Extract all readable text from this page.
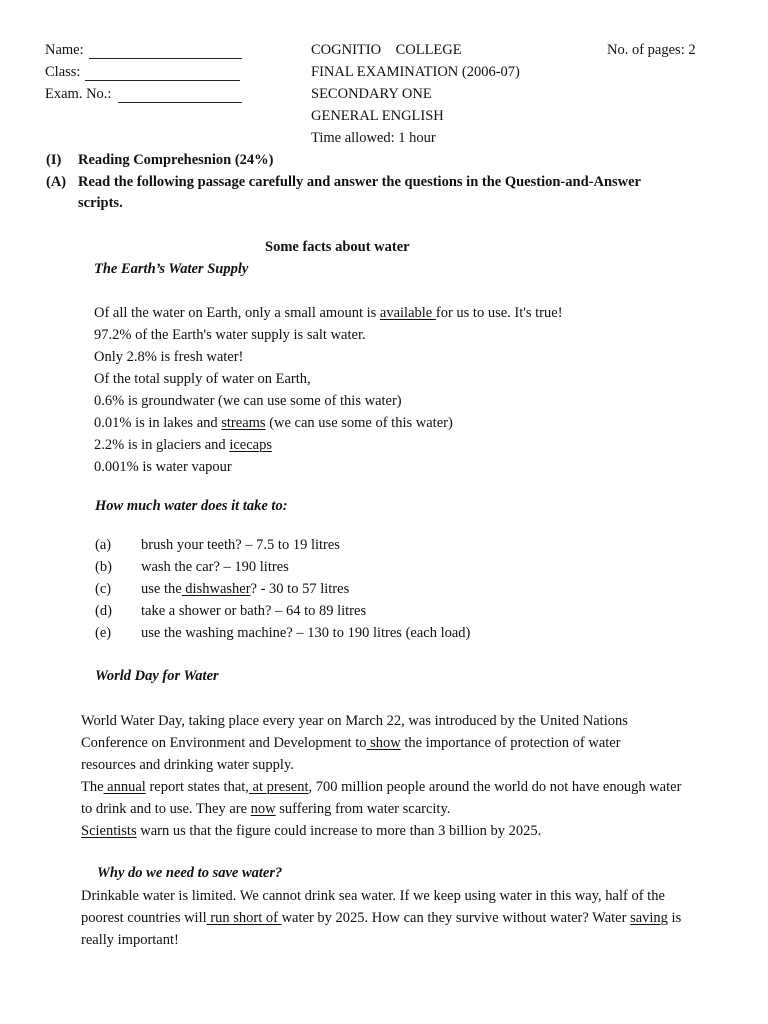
Name:
Class:
Exam. No.:
COGNITIO    COLLEGE
FINAL EXAMINATION (2006-07)
SECONDARY ONE
GENERAL ENGLISH
Time allowed: 1 hour
No. of pages: 2
(I) Reading Comprehesnion (24%)
(A) Read the following passage carefully and answer the questions in the Question-and-Answer
scripts.
Some facts about water
The Earth’s Water Supply
Of all the water on Earth, only a small amount is available for us to use. It's true!
97.2% of the Earth's water supply is salt water.
Only 2.8% is fresh water!
Of the total supply of water on Earth,
0.6% is groundwater (we can use some of this water)
0.01% is in lakes and streams (we can use some of this water)
2.2% is in glaciers and icecaps
0.001% is water vapour
How much water does it take to:
(a) brush your teeth? – 7.5 to 19 litres
(b) wash the car? – 190 litres
(c) use the dishwasher? - 30 to 57 litres
(d) take a shower or bath? – 64 to 89 litres
(e) use the washing machine? – 130 to 190 litres (each load)
World Day for Water
World Water Day, taking place every year on March 22, was introduced by the United Nations
Conference on Environment and Development to show the importance of protection of water
resources and drinking water supply.
The annual report states that, at present, 700 million people around the world do not have enough water
to drink and to use. They are now suffering from water scarcity.
Scientists warn us that the figure could increase to more than 3 billion by 2025.
Why do we need to save water?
Drinkable water is limited. We cannot drink sea water. If we keep using water in this way, half of the
poorest countries will run short of water by 2025. How can they survive without water? Water saving is
really important!
